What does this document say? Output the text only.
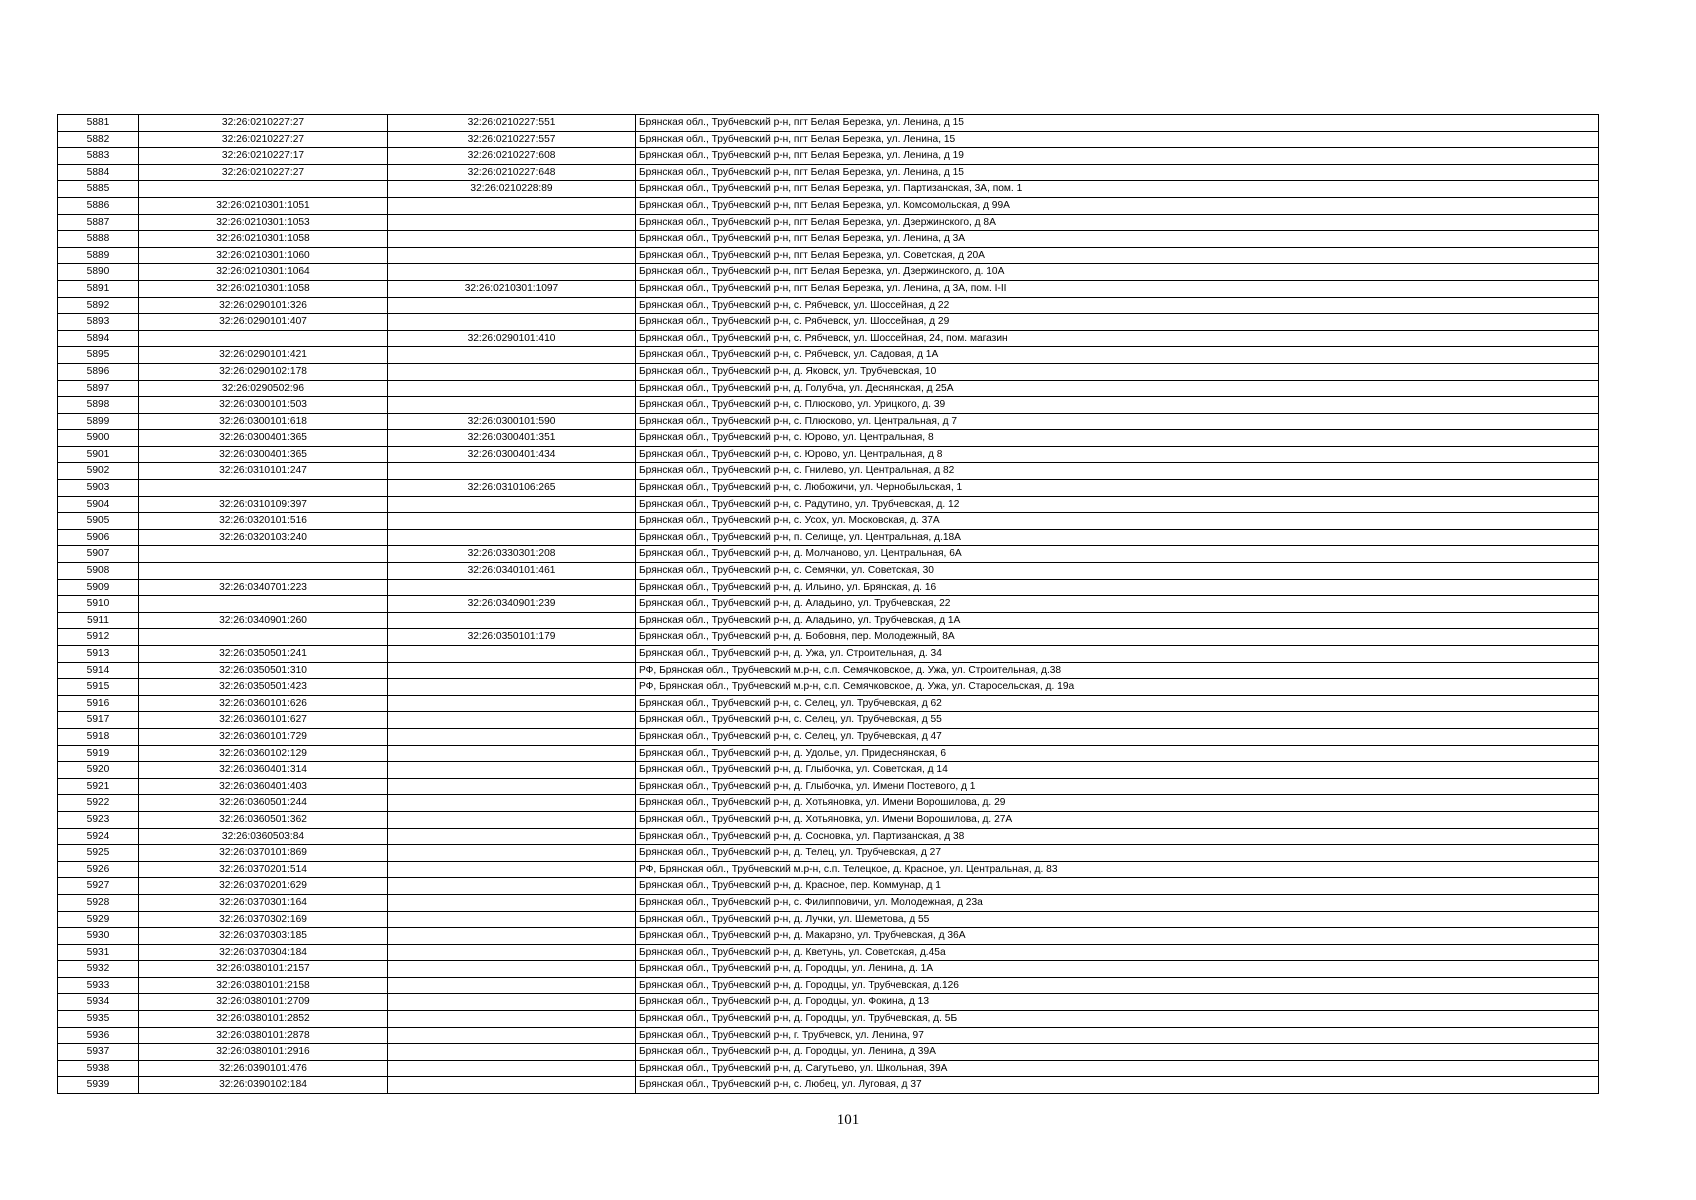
5881	32:26:0210227:27	32:26:0210227:551	Брянская обл., Трубчевский р-н, пгт Белая Березка, ул. Ленина, д 15
5882	32:26:0210227:27	32:26:0210227:557	Брянская обл., Трубчевский р-н, пгт Белая Березка, ул. Ленина, 15
5883	32:26:0210227:17	32:26:0210227:608	Брянская обл., Трубчевский р-н, пгт Белая Березка, ул. Ленина, д 19
5884	32:26:0210227:27	32:26:0210227:648	Брянская обл., Трубчевский р-н, пгт Белая Березка, ул. Ленина, д 15
5885		32:26:0210228:89	Брянская обл., Трубчевский р-н, пгт Белая Березка, ул. Партизанская, 3А, пом. 1
5886	32:26:0210301:1051		Брянская обл., Трубчевский р-н, пгт Белая Березка, ул. Комсомольская, д 99А
5887	32:26:0210301:1053		Брянская обл., Трубчевский р-н, пгт Белая Березка, ул. Дзержинского, д 8А
5888	32:26:0210301:1058		Брянская обл., Трубчевский р-н, пгт Белая Березка, ул. Ленина, д 3А
5889	32:26:0210301:1060		Брянская обл., Трубчевский р-н, пгт Белая Березка, ул. Советская, д 20А
5890	32:26:0210301:1064		Брянская обл., Трубчевский р-н, пгт Белая Березка, ул. Дзержинского, д. 10А
5891	32:26:0210301:1058	32:26:0210301:1097	Брянская обл., Трубчевский р-н, пгт Белая Березка, ул. Ленина, д 3А, пом. I-II
5892	32:26:0290101:326		Брянская обл., Трубчевский р-н, с. Рябчевск, ул. Шоссейная, д 22
5893	32:26:0290101:407		Брянская обл., Трубчевский р-н, с. Рябчевск, ул. Шоссейная, д 29
5894		32:26:0290101:410	Брянская обл., Трубчевский р-н, с. Рябчевск, ул. Шоссейная, 24, пом. магазин
5895	32:26:0290101:421		Брянская обл., Трубчевский р-н, с. Рябчевск, ул. Садовая, д 1А
5896	32:26:0290102:178		Брянская обл., Трубчевский р-н, д. Яковск, ул. Трубчевская, 10
5897	32:26:0290502:96		Брянская обл., Трубчевский р-н, д. Голубча, ул. Деснянская, д 25А
5898	32:26:0300101:503		Брянская обл., Трубчевский р-н, с. Плюсково, ул. Урицкого, д. 39
5899	32:26:0300101:618	32:26:0300101:590	Брянская обл., Трубчевский р-н, с. Плюсково, ул. Центральная, д 7
5900	32:26:0300401:365	32:26:0300401:351	Брянская обл., Трубчевский р-н, с. Юрово, ул. Центральная, 8
5901	32:26:0300401:365	32:26:0300401:434	Брянская обл., Трубчевский р-н, с. Юрово, ул. Центральная, д 8
5902	32:26:0310101:247		Брянская обл., Трубчевский р-н, с. Гнилево, ул. Центральная, д 82
5903		32:26:0310106:265	Брянская обл., Трубчевский р-н, с. Любожичи, ул. Чернобыльская, 1
5904	32:26:0310109:397		Брянская обл., Трубчевский р-н, с. Радутино, ул. Трубчевская, д. 12
5905	32:26:0320101:516		Брянская обл., Трубчевский р-н, с. Усох, ул. Московская, д. 37А
5906	32:26:0320103:240		Брянская обл., Трубчевский р-н, п. Селище, ул. Центральная, д.18А
5907		32:26:0330301:208	Брянская обл., Трубчевский р-н, д. Молчаново, ул. Центральная, 6А
5908		32:26:0340101:461	Брянская обл., Трубчевский р-н, с. Семячки, ул. Советская, 30
5909	32:26:0340701:223		Брянская обл., Трубчевский р-н, д. Ильино, ул. Брянская, д. 16
5910		32:26:0340901:239	Брянская обл., Трубчевский р-н, д. Аладьино, ул. Трубчевская, 22
5911	32:26:0340901:260		Брянская обл., Трубчевский р-н, д. Аладьино, ул. Трубчевская, д 1А
5912		32:26:0350101:179	Брянская обл., Трубчевский р-н, д. Бобовня, пер. Молодежный, 8А
5913	32:26:0350501:241		Брянская обл., Трубчевский р-н, д. Ужа, ул. Строительная, д. 34
5914	32:26:0350501:310		РФ, Брянская обл., Трубчевский м.р-н, с.п. Семячковское, д. Ужа, ул. Строительная, д.38
5915	32:26:0350501:423		РФ, Брянская обл., Трубчевский м.р-н, с.п. Семячковское, д. Ужа, ул. Старосельская, д. 19а
5916	32:26:0360101:626		Брянская обл., Трубчевский р-н, с. Селец, ул. Трубчевская, д 62
5917	32:26:0360101:627		Брянская обл., Трубчевский р-н, с. Селец, ул. Трубчевская, д 55
5918	32:26:0360101:729		Брянская обл., Трубчевский р-н, с. Селец, ул. Трубчевская, д 47
5919	32:26:0360102:129		Брянская обл., Трубчевский р-н, д. Удолье, ул. Придеснянская, 6
5920	32:26:0360401:314		Брянская обл., Трубчевский р-н, д. Глыбочка, ул. Советская, д 14
5921	32:26:0360401:403		Брянская обл., Трубчевский р-н, д. Глыбочка, ул. Имени Постевого, д 1
5922	32:26:0360501:244		Брянская обл., Трубчевский р-н, д. Хотьяновка, ул. Имени Ворошилова, д. 29
5923	32:26:0360501:362		Брянская обл., Трубчевский р-н, д. Хотьяновка, ул. Имени Ворошилова, д. 27А
5924	32:26:0360503:84		Брянская обл., Трубчевский р-н, д. Сосновка, ул. Партизанская, д 38
5925	32:26:0370101:869		Брянская обл., Трубчевский р-н, д. Телец, ул. Трубчевская, д 27
5926	32:26:0370201:514		РФ, Брянская обл., Трубчевский м.р-н, с.п. Телецкое, д. Красное, ул. Центральная, д. 83
5927	32:26:0370201:629		Брянская обл., Трубчевский р-н, д. Красное, пер. Коммунар, д 1
5928	32:26:0370301:164		Брянская обл., Трубчевский р-н, с. Филипповичи, ул. Молодежная, д 23а
5929	32:26:0370302:169		Брянская обл., Трубчевский р-н, д. Лучки, ул. Шеметова, д 55
5930	32:26:0370303:185		Брянская обл., Трубчевский р-н, д. Макарзно, ул. Трубчевская, д 36А
5931	32:26:0370304:184		Брянская обл., Трубчевский р-н, д. Кветунь, ул. Советская, д.45а
5932	32:26:0380101:2157		Брянская обл., Трубчевский р-н, д. Городцы, ул. Ленина, д. 1А
5933	32:26:0380101:2158		Брянская обл., Трубчевский р-н, д. Городцы, ул. Трубчевская, д.126
5934	32:26:0380101:2709		Брянская обл., Трубчевский р-н, д. Городцы, ул. Фокина, д 13
5935	32:26:0380101:2852		Брянская обл., Трубчевский р-н, д. Городцы, ул. Трубчевская, д. 5Б
5936	32:26:0380101:2878		Брянская обл., Трубчевский р-н, г. Трубчевск, ул. Ленина, 97
5937	32:26:0380101:2916		Брянская обл., Трубчевский р-н, д. Городцы, ул. Ленина, д 39А
5938	32:26:0390101:476		Брянская обл., Трубчевский р-н, д. Сагутьево, ул. Школьная, 39А
5939	32:26:0390102:184		Брянская обл., Трубчевский р-н, с. Любец, ул. Луговая, д 37
101
